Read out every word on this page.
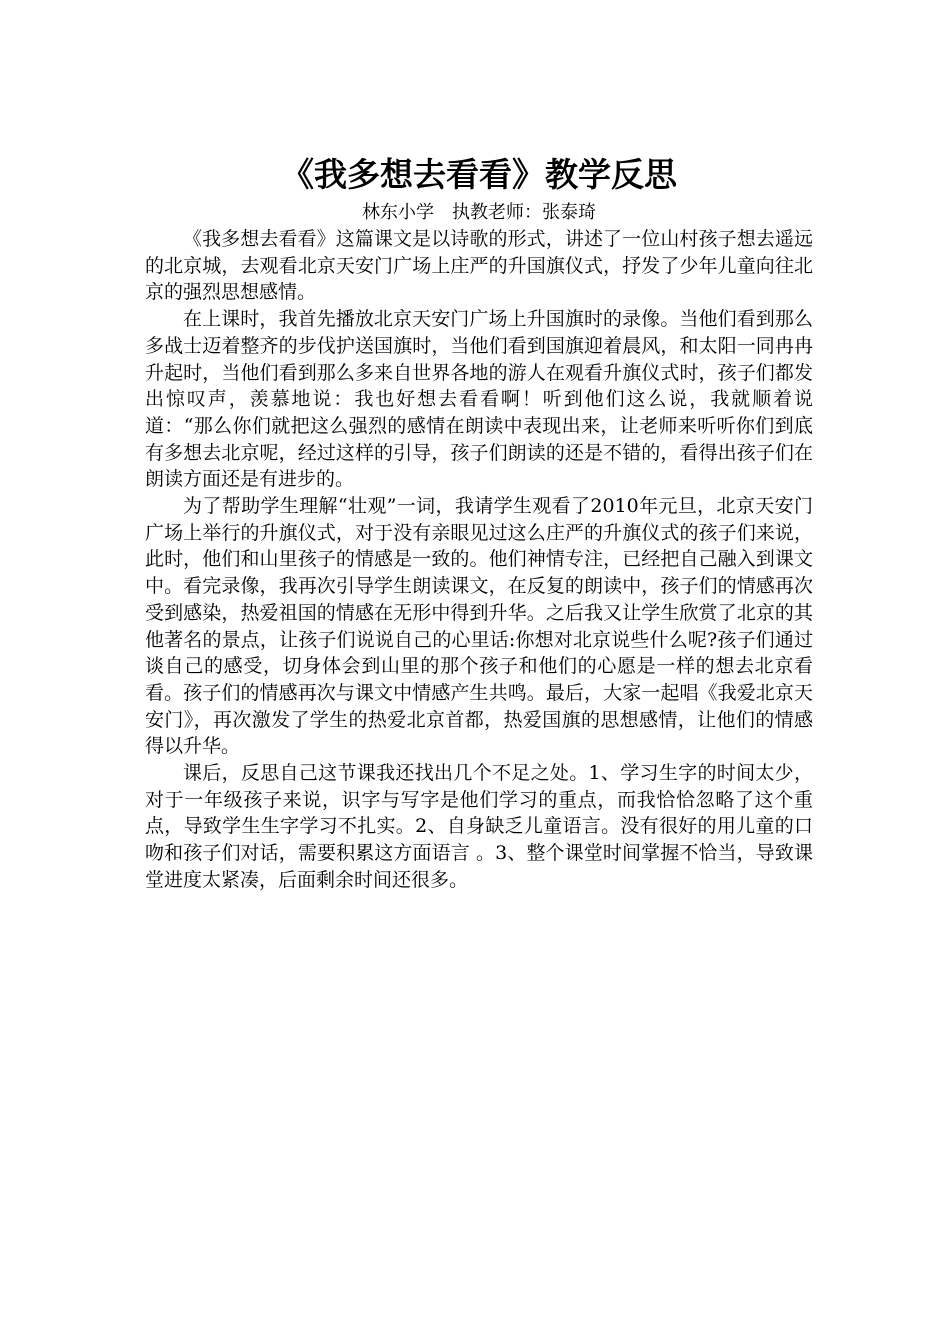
《我多想去看看》教学反思

林东小学　执教老师：张泰琦

《我多想去看看》这篇课文是以诗歌的形式，讲述了一位山村孩子想去遥远的北京城，去观看北京天安门广场上庄严的升国旗仪式，抒发了少年儿童向往北京的强烈思想感情。

在上课时，我首先播放北京天安门广场上升国旗时的录像。当他们看到那么多战士迈着整齐的步伐护送国旗时，当他们看到国旗迎着晨风，和太阳一同冉冉升起时，当他们看到那么多来自世界各地的游人在观看升旗仪式时，孩子们都发出惊叹声，羡慕地说：我也好想去看看啊！听到他们这么说，我就顺着说道：“那么你们就把这么强烈的感情在朗读中表现出来，让老师来听听你们到底有多想去北京呢，经过这样的引导，孩子们朗读的还是不错的，看得出孩子们在朗读方面还是有进步的。

为了帮助学生理解“壮观”一词，我请学生观看了2010年元旦，北京天安门广场上举行的升旗仪式，对于没有亲眼见过这么庄严的升旗仪式的孩子们来说，此时，他们和山里孩子的情感是一致的。他们神情专注，已经把自己融入到课文中。看完录像，我再次引导学生朗读课文，在反复的朗读中，孩子们的情感再次受到感染，热爱祖国的情感在无形中得到升华。之后我又让学生欣赏了北京的其他著名的景点，让孩子们说说自己的心里话:你想对北京说些什么呢?孩子们通过谈自己的感受，切身体会到山里的那个孩子和他们的心愿是一样的想去北京看看。孩子们的情感再次与课文中情感产生共鸣。最后，大家一起唱《我爱北京天安门》，再次激发了学生的热爱北京首都，热爱国旗的思想感情，让他们的情感得以升华。

课后，反思自己这节课我还找出几个不足之处。1、学习生字的时间太少，对于一年级孩子来说，识字与写字是他们学习的重点，而我恰恰忽略了这个重点，导致学生生字学习不扎实。2、自身缺乏儿童语言。没有很好的用儿童的口吻和孩子们对话，需要积累这方面语言 。3、整个课堂时间掌握不恰当，导致课堂进度太紧凑，后面剩余时间还很多。
